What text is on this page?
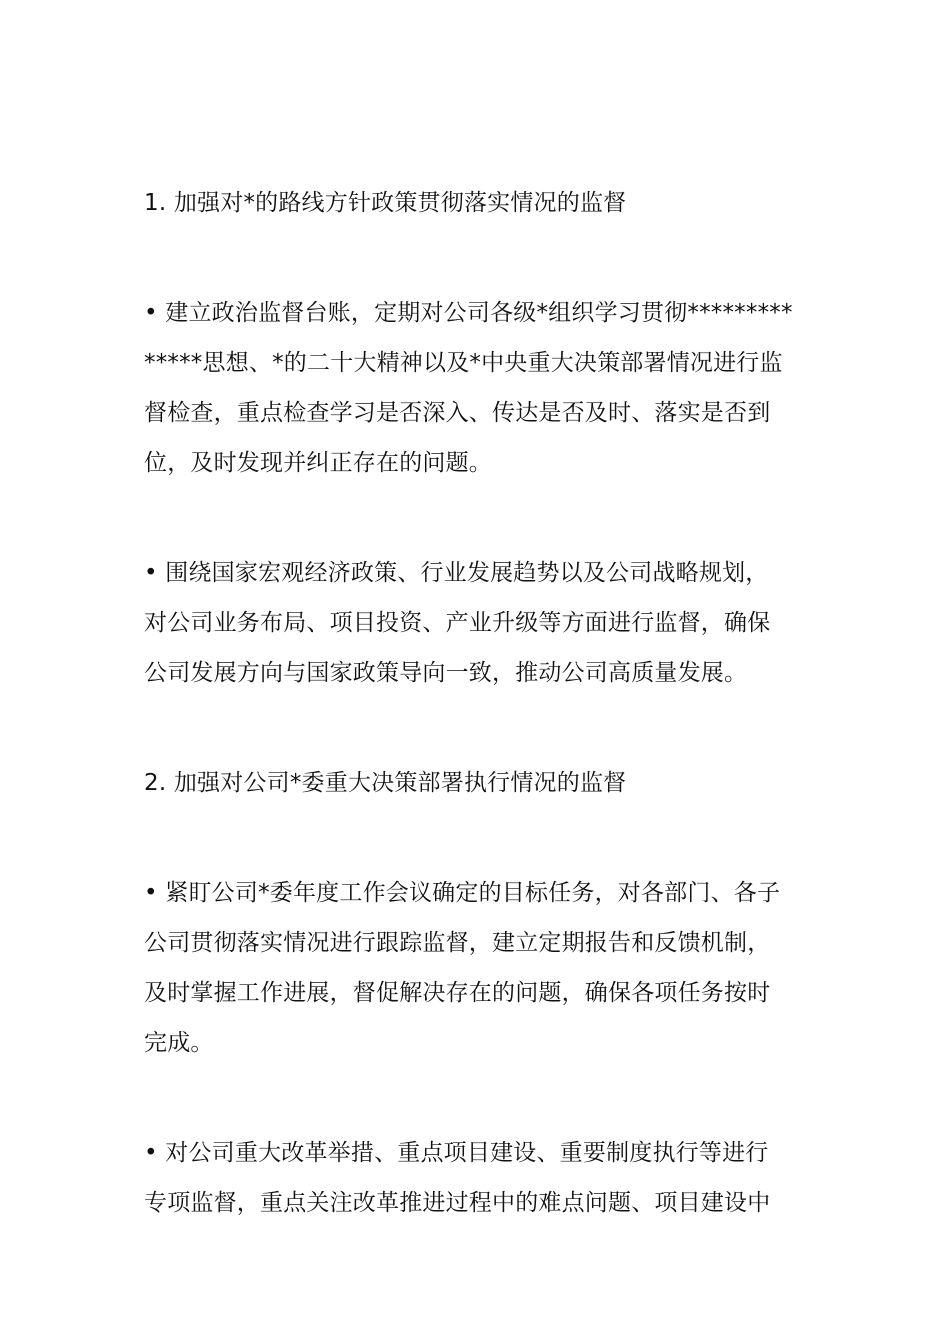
1. 加强对*的路线方针政策贯彻落实情况的监督
• 建立政治监督台账，定期对公司各级*组织学习贯彻*********
*****思想、*的二十大精神以及*中央重大决策部署情况进行监
督检查，重点检查学习是否深入、传达是否及时、落实是否到
位，及时发现并纠正存在的问题。
• 围绕国家宏观经济政策、行业发展趋势以及公司战略规划，
对公司业务布局、项目投资、产业升级等方面进行监督，确保
公司发展方向与国家政策导向一致，推动公司高质量发展。
2. 加强对公司*委重大决策部署执行情况的监督
• 紧盯公司*委年度工作会议确定的目标任务，对各部门、各子
公司贯彻落实情况进行跟踪监督，建立定期报告和反馈机制，
及时掌握工作进展，督促解决存在的问题，确保各项任务按时
完成。
• 对公司重大改革举措、重点项目建设、重要制度执行等进行
专项监督，重点关注改革推进过程中的难点问题、项目建设中
